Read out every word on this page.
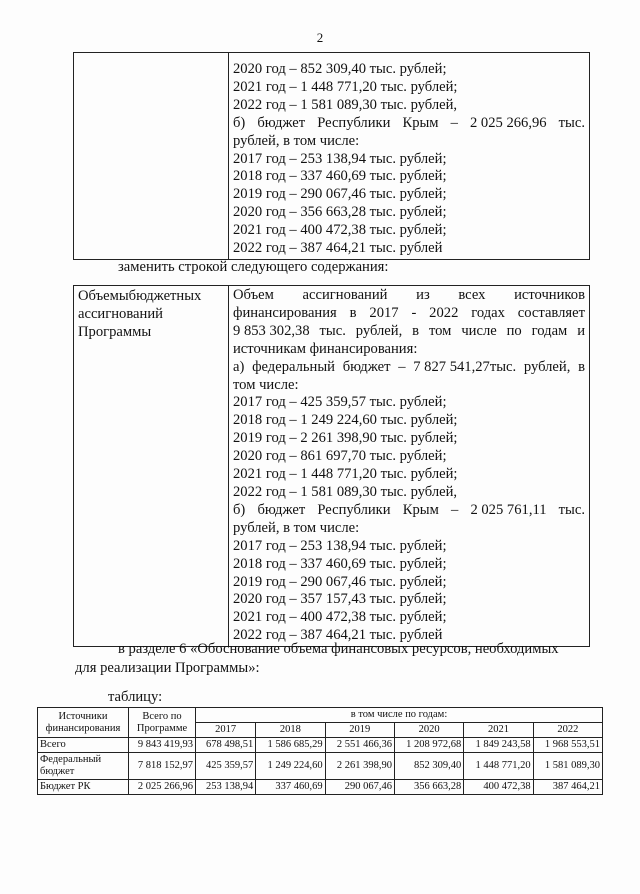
2

2020 год – 852 309,40 тыс. рублей;
2021 год – 1 448 771,20 тыс. рублей;
2022 год – 1 581 089,30 тыс. рублей,
б) бюджет Республики Крым – 2 025 266,96 тыс.
рублей, в том числе:
2017 год – 253 138,94 тыс. рублей;
2018 год – 337 460,69 тыс. рублей;
2019 год – 290 067,46 тыс. рублей;
2020 год – 356 663,28 тыс. рублей;
2021 год – 400 472,38 тыс. рублей;
2022 год – 387 464,21 тыс. рублей
заменить строкой следующего содержания:
Объемыбюджетных
ассигнований
Программы

Объем ассигнований из всех источников
финансирования в 2017 - 2022 годах составляет
9 853 302,38 тыс. рублей, в том числе по годам и
источникам финансирования:
а) федеральный бюджет – 7 827 541,27тыс. рублей, в
том числе:
2017 год – 425 359,57 тыс. рублей;
2018 год – 1 249 224,60 тыс. рублей;
2019 год – 2 261 398,90 тыс. рублей;
2020 год – 861 697,70 тыс. рублей;
2021 год – 1 448 771,20 тыс. рублей;
2022 год – 1 581 089,30 тыс. рублей,
б) бюджет Республики Крым – 2 025 761,11 тыс.
рублей, в том числе:
2017 год – 253 138,94 тыс. рублей;
2018 год – 337 460,69 тыс. рублей;
2019 год – 290 067,46 тыс. рублей;
2020 год – 357 157,43 тыс. рублей;
2021 год – 400 472,38 тыс. рублей;
2022 год – 387 464,21 тыс. рублей
в разделе 6 «Обоснование объема финансовых ресурсов, необходимых
для реализации Программы»:
таблицу:
Источники финансирования	Всего по Программе	в том числе по годам:					
		2017	2018	2019	2020	2021	2022
Всего	9 843 419,93	678 498,51	1 586 685,29	2 551 466,36	1 208 972,68	1 849 243,58	1 968 553,51
Федеральный бюджет	7 818 152,97	425 359,57	1 249 224,60	2 261 398,90	852 309,40	1 448 771,20	1 581 089,30
Бюджет РК	2 025 266,96	253 138,94	337 460,69	290 067,46	356 663,28	400 472,38	387 464,21
